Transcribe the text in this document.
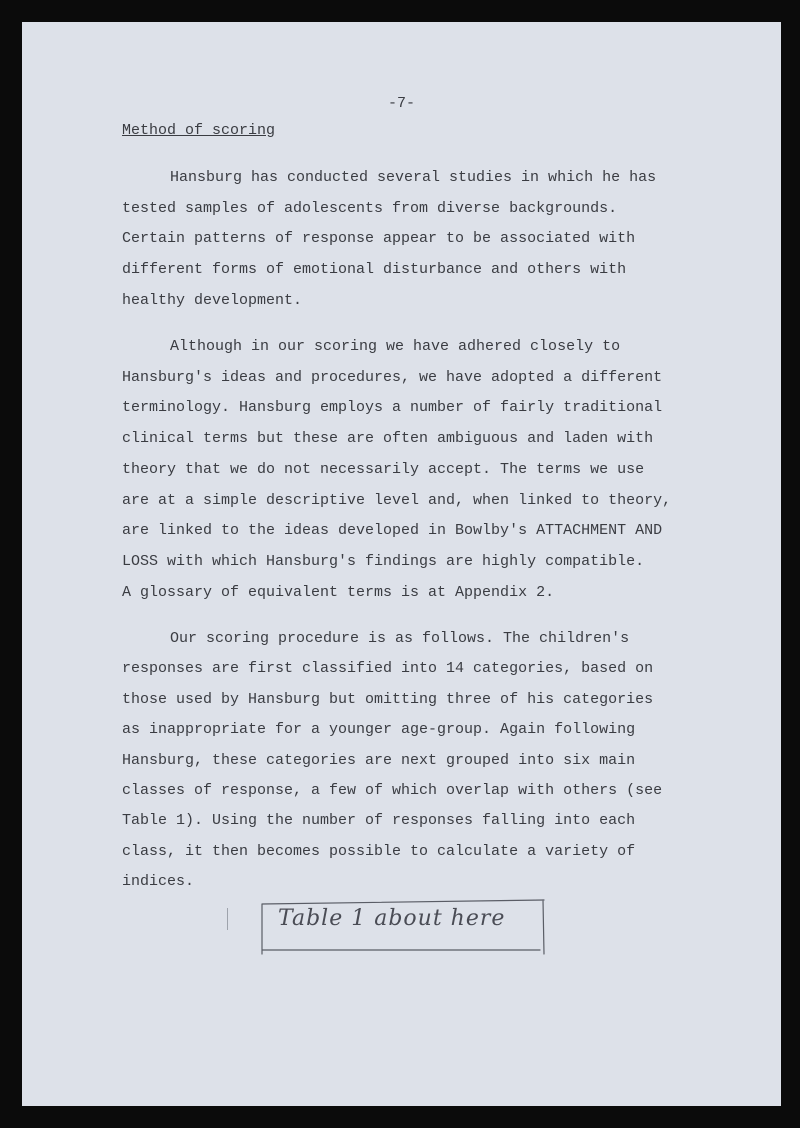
-7-

Method of scoring

Hansburg has conducted several studies in which he has
tested samples of adolescents from diverse backgrounds.
Certain patterns of response appear to be associated with
different forms of emotional disturbance and others with
healthy development.
Although in our scoring we have adhered closely to
Hansburg's ideas and procedures, we have adopted a different
terminology. Hansburg employs a number of fairly traditional
clinical terms but these are often ambiguous and laden with
theory that we do not necessarily accept. The terms we use
are at a simple descriptive level and, when linked to theory,
are linked to the ideas developed in Bowlby's ATTACHMENT AND
LOSS with which Hansburg's findings are highly compatible.
A glossary of equivalent terms is at Appendix 2.
Our scoring procedure is as follows. The children's
responses are first classified into 14 categories, based on
those used by Hansburg but omitting three of his categories
as inappropriate for a younger age-group. Again following
Hansburg, these categories are next grouped into six main
classes of response, a few of which overlap with others (see
Table 1). Using the number of responses falling into each
class, it then becomes possible to calculate a variety of
indices.
Table 1 about here
